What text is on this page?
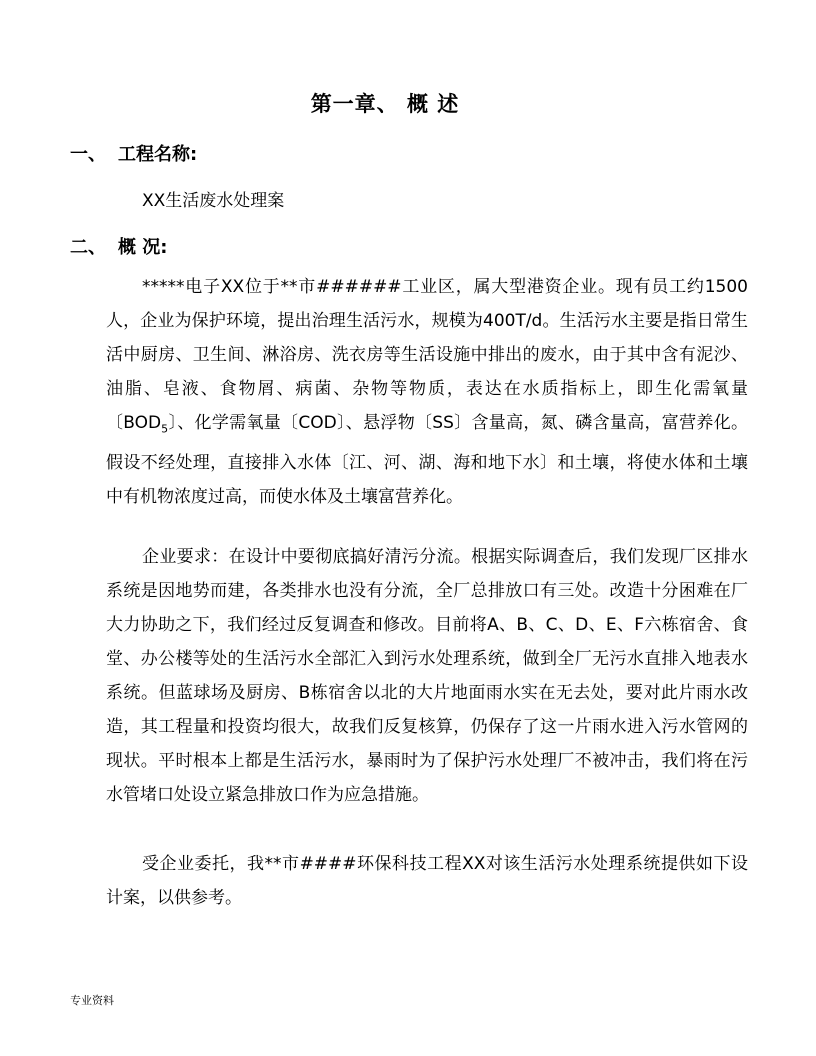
第一章、 概 述
一、 工程名称:

XX生活废水处理案

二、 概 况:

*****电子XX位于**市######工业区，属大型港资企业。现有员工约1500人，企业为保护环境，提出治理生活污水，规模为400T/d。生活污水主要是指日常生活中厨房、卫生间、淋浴房、洗衣房等生活设施中排出的废水，由于其中含有泥沙、油脂、皂液、食物屑、病菌、杂物等物质，表达在水质指标上，即生化需氧量〔$BOD_5$〕、化学需氧量〔COD〕、悬浮物〔SS〕含量高，氮、磷含量高，富营养化。假设不经处理，直接排入水体〔江、河、湖、海和地下水〕和土壤，将使水体和土壤中有机物浓度过高，而使水体及土壤富营养化。

企业要求：在设计中要彻底搞好清污分流。根据实际调查后，我们发现厂区排水系统是因地势而建，各类排水也没有分流，全厂总排放口有三处。改造十分困难在厂大力协助之下，我们经过反复调查和修改。目前将A、B、C、D、E、F六栋宿舍、食堂、办公楼等处的生活污水全部汇入到污水处理系统，做到全厂无污水直排入地表水系统。但蓝球场及厨房、B栋宿舍以北的大片地面雨水实在无去处，要对此片雨水改造，其工程量和投资均很大，故我们反复核算，仍保存了这一片雨水进入污水管网的现状。平时根本上都是生活污水，暴雨时为了保护污水处理厂不被冲击，我们将在污水管堵口处设立紧急排放口作为应急措施。

受企业委托，我**市####环保科技工程XX对该生活污水处理系统提供如下设计案，以供参考。

专业资料
